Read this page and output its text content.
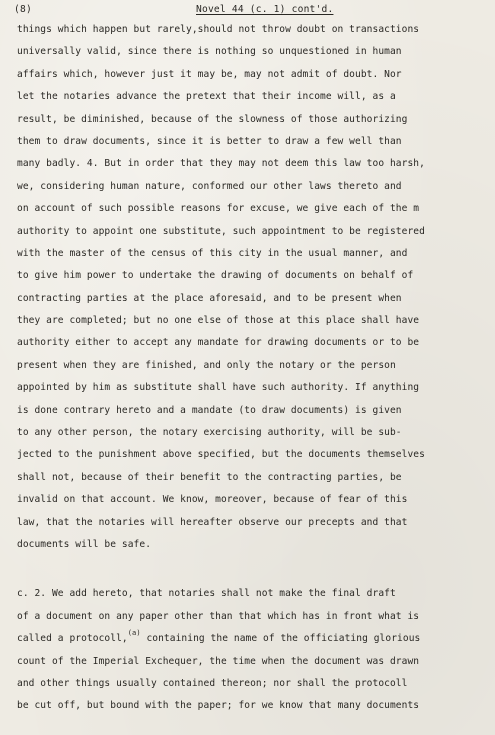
(8)	Novel 44 (c. 1) cont'd.
things which happen but rarely,should not throw doubt on transactions
universally valid, since there is nothing so unquestioned in human
affairs which, however just it may be, may not admit of doubt. Nor
let the notaries advance the pretext that their income will, as a
result, be diminished, because of the slowness of those authorizing
them to draw documents, since it is better to draw a few well than
many badly. 4. But in order that they may not deem this law too harsh,
we, considering human nature, conformed our other laws thereto and
on account of such possible reasons for excuse, we give each of the m
authority to appoint one substitute, such appointment to be registered
with the master of the census of this city in the usual manner, and
to give him power to undertake the drawing of documents on behalf of
contracting parties at the place aforesaid, and to be present when
they are completed; but no one else of those at this place shall have
authority either to accept any mandate for drawing documents or to be
present when they are finished, and only the notary or the person
appointed by him as substitute shall have such authority. If anything
is done contrary hereto and a mandate (to draw documents) is given
to any other person, the notary exercising authority, will be sub-
jected to the punishment above specified, but the documents themselves
shall not, because of their benefit to the contracting parties, be
invalid on that account. We know, moreover, because of fear of this
law, that the notaries will hereafter observe our precepts and that
documents will be safe.
c. 2. We add hereto, that notaries shall not make the final draft
of a document on any paper other than that which has in front what is
called a protocoll,$^{(a)}$ containing the name of the officiating glorious
count of the Imperial Exchequer, the time when the document was drawn
and other things usually contained thereon; nor shall the protocoll
be cut off, but bound with the paper; for we know that many documents
